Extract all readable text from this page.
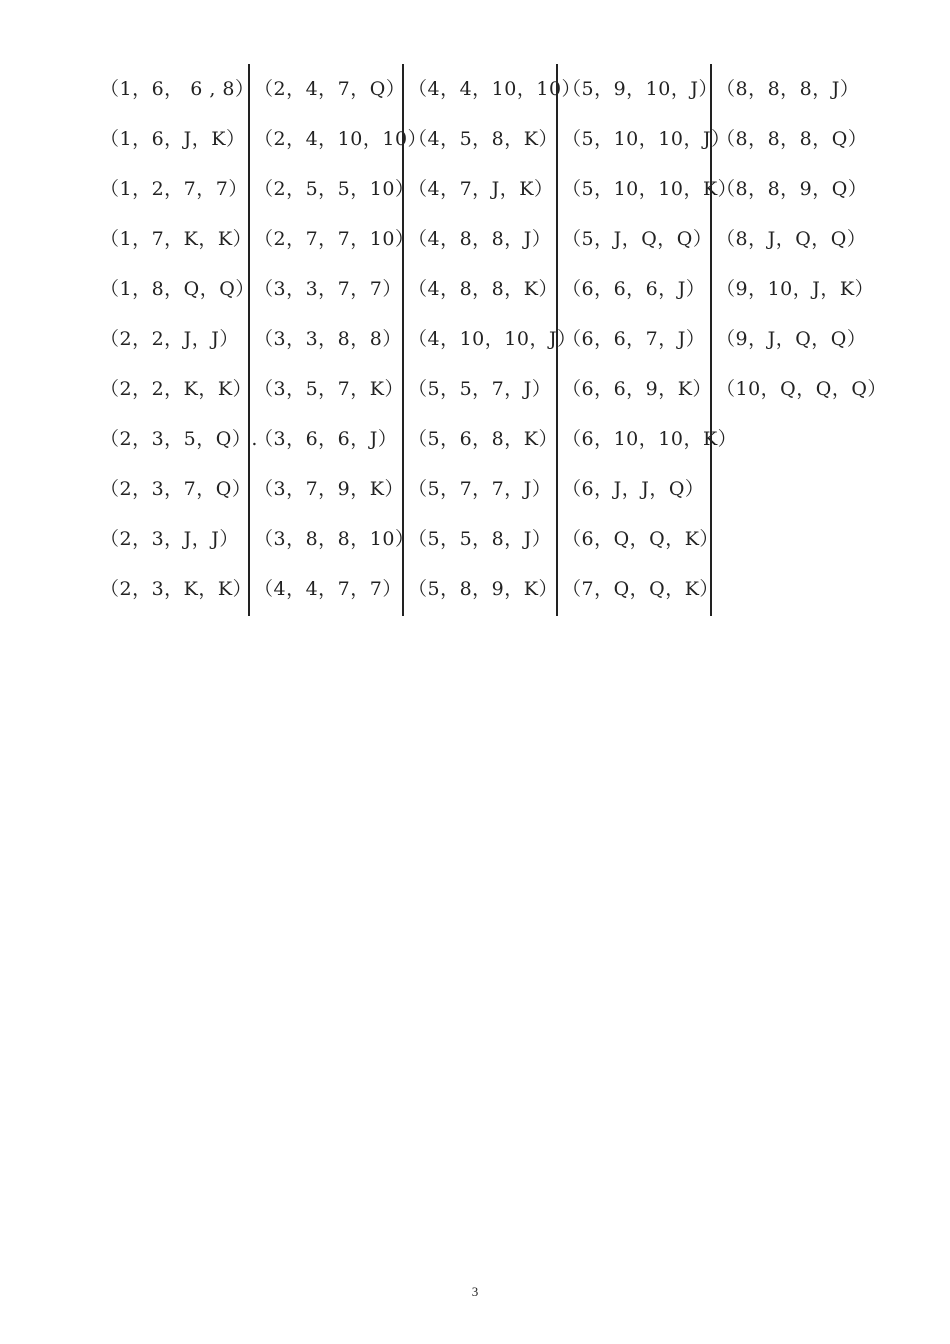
（1，6， 6 , 8）
（1，6，J，K）
（1，2，7，7）
（1，7，K，K）
（1，8，Q，Q）
（2，2，J，J）
（2，2，K，K）
（2，3，5，Q）.
（2，3，7，Q）
（2，3，J，J）
（2，3，K，K）
（2，4，7，Q）
（2，4，10，10）
（2，5，5，10）
（2，7，7，10）
（3，3，7，7）
（3，3，8，8）
（3，5，7，K）
（3，6，6，J）
（3，7，9，K）
（3，8，8，10）
（4，4，7，7）
（4，4，10，10）
（4，5，8，K）
（4，7，J，K）
（4，8，8，J）
（4，8，8，K）
（4，10，10，J）
（5，5，7，J）
（5，6，8，K）
（5，7，7，J）
（5，5，8，J）
（5，8，9，K）
（5，9，10，J）
（5，10，10，J）
（5，10，10，K）
（5，J，Q，Q）
（6，6，6，J）
（6，6，7，J）
（6，6，9，K）
（6，10，10，K）
（6，J，J，Q）
（6，Q，Q，K）
（7，Q，Q，K）
（8，8，8，J）
（8，8，8，Q）
（8，8，9，Q）
（8，J，Q，Q）
（9，10，J，K）
（9，J，Q，Q）
（10，Q，Q，Q）
3
